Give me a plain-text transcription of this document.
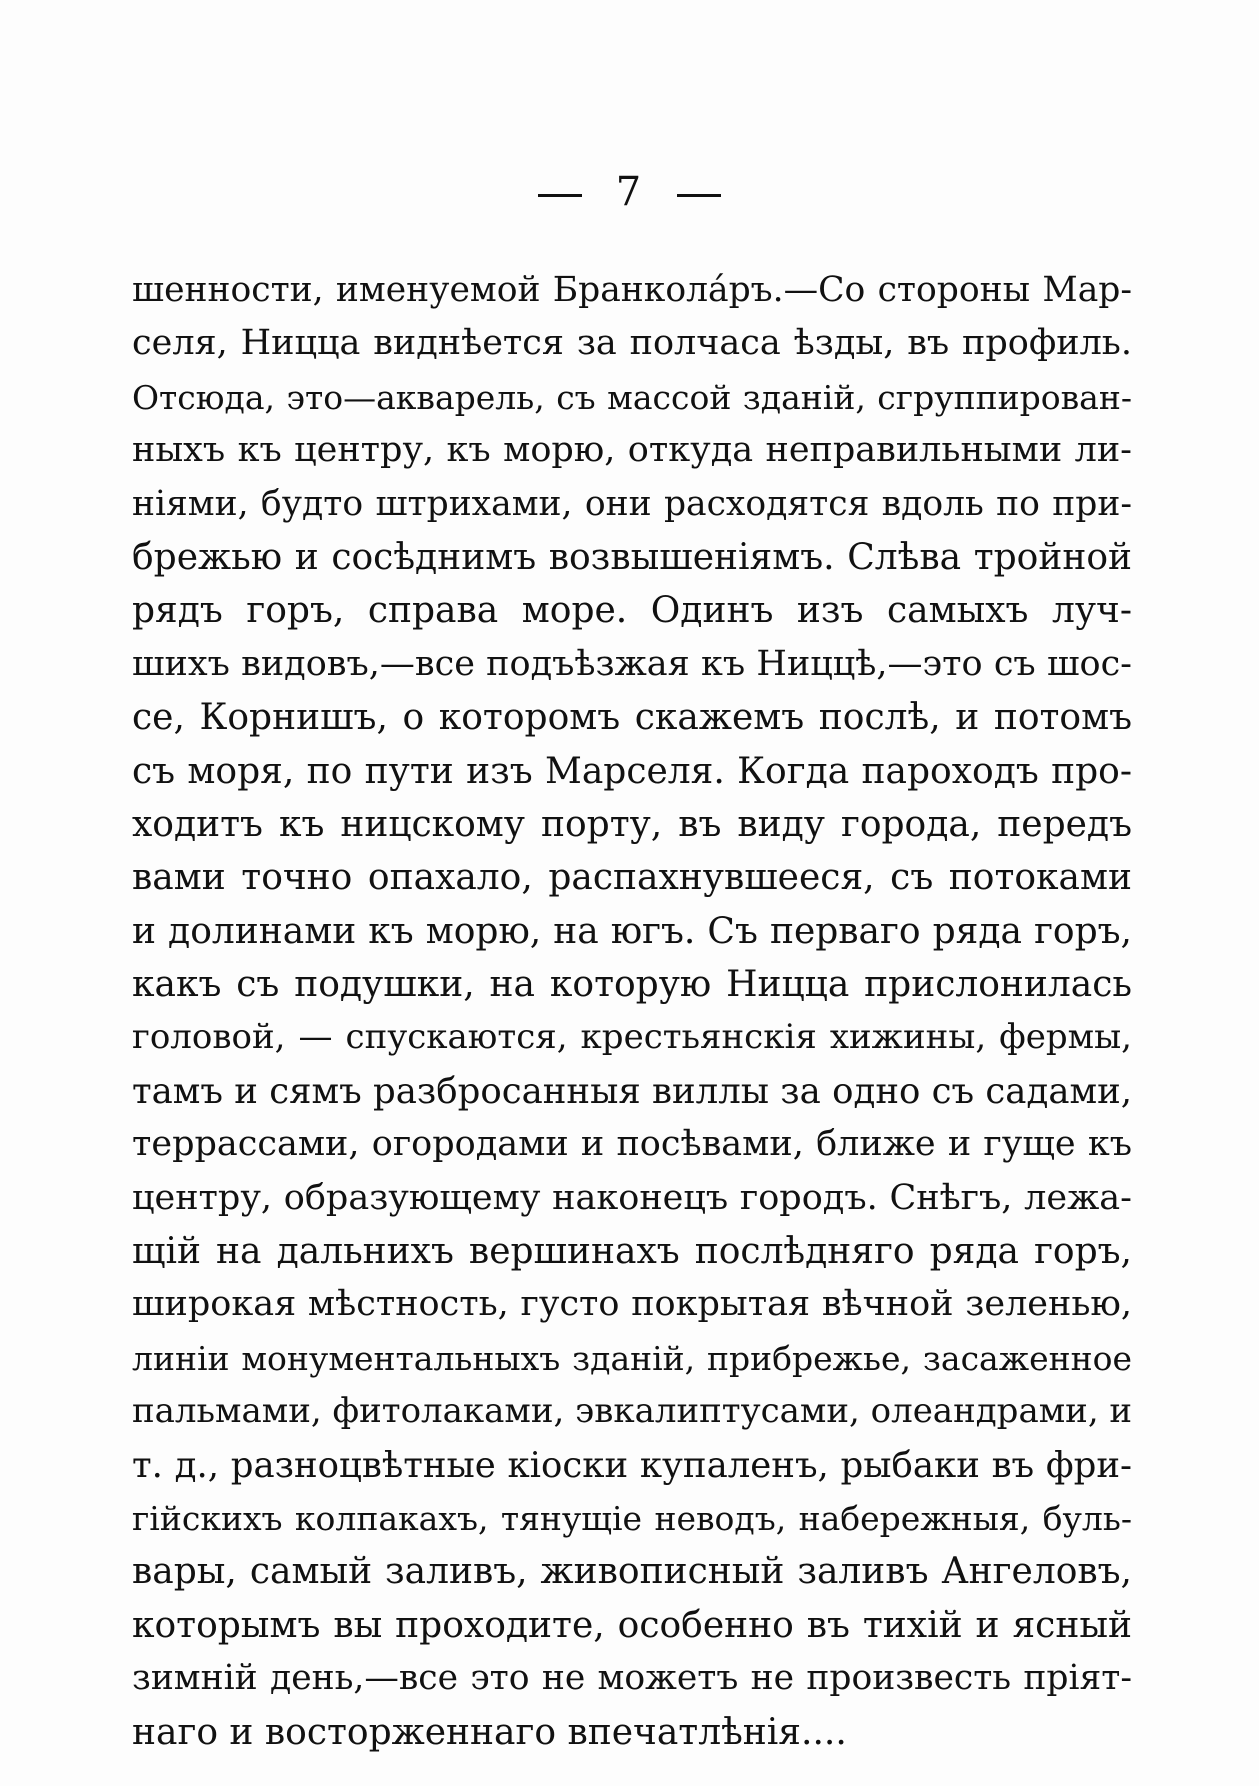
7
шенности, именуемой Бранколáръ.—Со стороны Мар-
селя, Ницца виднѣется за полчаса ѣзды, въ профиль.
Отсюда, это—акварель, съ массой зданій, сгруппирован-
ныхъ къ центру, къ морю, откуда неправильными ли-
ніями, будто штрихами, они расходятся вдоль по при-
брежью и сосѣднимъ возвышеніямъ. Слѣва тройной
рядъ горъ, справа море. Одинъ изъ самыхъ луч-
шихъ видовъ,—все подъѣзжая къ Ниццѣ,—это съ шос-
се, Корнишъ, о которомъ скажемъ послѣ, и потомъ
съ моря, по пути изъ Марселя. Когда пароходъ про-
ходитъ къ ницскому порту, въ виду города, передъ
вами точно опахало, распахнувшееся, съ потоками
и долинами къ морю, на югъ. Съ перваго ряда горъ,
какъ съ подушки, на которую Ницца прислонилась
головой, — спускаются, крестьянскія хижины, фермы,
тамъ и сямъ разбросанныя виллы за одно съ садами,
террассами, огородами и посѣвами, ближе и гуще къ
центру, образующему наконецъ городъ. Снѣгъ, лежа-
щій на дальнихъ вершинахъ послѣдняго ряда горъ,
широкая мѣстность, густо покрытая вѣчной зеленью,
линіи монументальныхъ зданій, прибрежье, засаженное
пальмами, фитолаками, эвкалиптусами, олеандрами, и
т. д., разноцвѣтные кіоски купаленъ, рыбаки въ фри-
гійскихъ колпакахъ, тянущіе неводъ, набережныя, буль-
вары, самый заливъ, живописный заливъ Ангеловъ,
которымъ вы проходите, особенно въ тихій и ясный
зимній день,—все это не можетъ не произвесть пріят-
наго и восторженнаго впечатлѣнія....
